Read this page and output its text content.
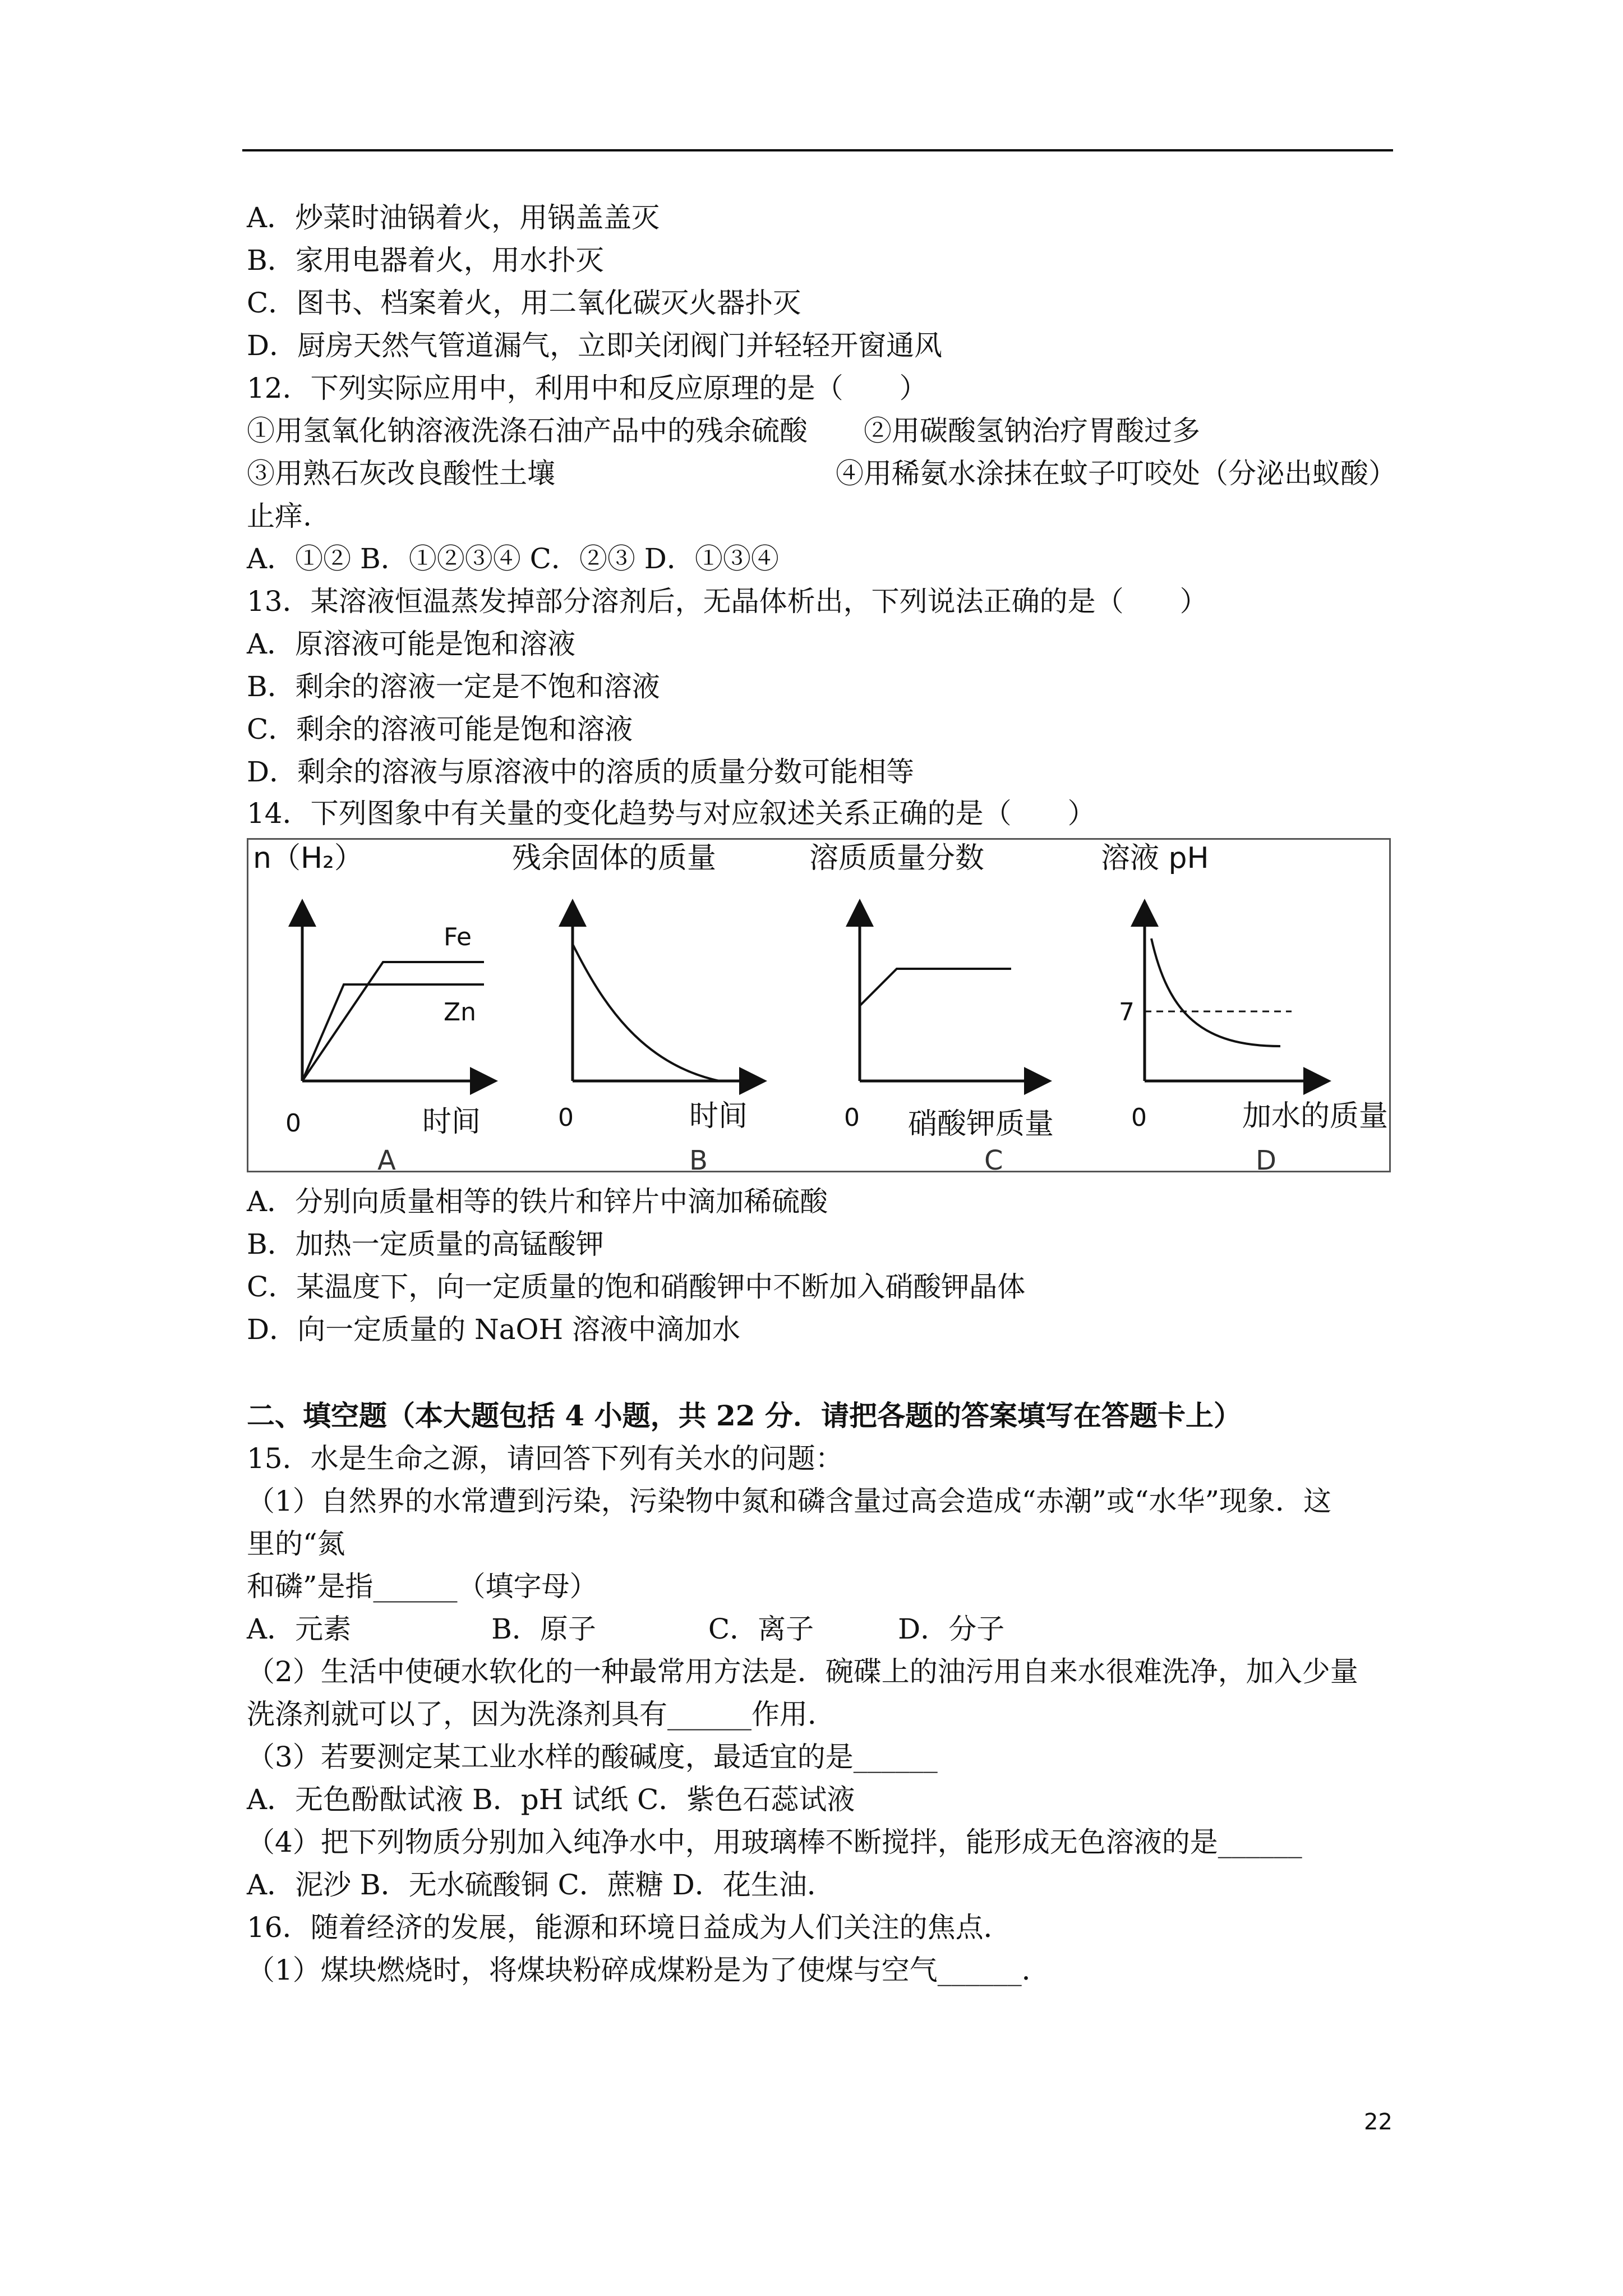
A．炒菜时油锅着火，用锅盖盖灭
B．家用电器着火，用水扑灭
C．图书、档案着火，用二氧化碳灭火器扑灭
D．厨房天然气管道漏气，立即关闭阀门并轻轻开窗通风
12．下列实际应用中，利用中和反应原理的是（　　）
①用氢氧化钠溶液洗涤石油产品中的残余硫酸　　②用碳酸氢钠治疗胃酸过多
③用熟石灰改良酸性土壤　　　　　　　　　　④用稀氨水涂抹在蚊子叮咬处（分泌出蚁酸）
止痒.
A．①② B．①②③④ C．②③ D．①③④
13．某溶液恒温蒸发掉部分溶剂后，无晶体析出，下列说法正确的是（　　）
A．原溶液可能是饱和溶液
B．剩余的溶液一定是不饱和溶液
C．剩余的溶液可能是饱和溶液
D．剩余的溶液与原溶液中的溶质的质量分数可能相等
14．下列图象中有关量的变化趋势与对应叙述关系正确的是（　　）
n（H₂）
Fe
Zn
0	时间
A
残余固体的质量
0	时间
B
溶质质量分数
0 硝酸钾质量
C
溶液 pH
7
0	加水的质量
D
A．分别向质量相等的铁片和锌片中滴加稀硫酸
B．加热一定质量的高锰酸钾
C．某温度下，向一定质量的饱和硝酸钾中不断加入硝酸钾晶体
D．向一定质量的 NaOH 溶液中滴加水
二、填空题（本大题包括 4 小题，共 22 分．请把各题的答案填写在答题卡上）
15．水是生命之源，请回答下列有关水的问题：
（1）自然界的水常遭到污染，污染物中氮和磷含量过高会造成“赤潮”或“水华”现象．这
里的“氮
和磷”是指______（填字母）
A．元素　　　　　B．原子　　　　C．离子　　　D．分子
（2）生活中使硬水软化的一种最常用方法是．碗碟上的油污用自来水很难洗净，加入少量
洗涤剂就可以了，因为洗涤剂具有______作用．
（3）若要测定某工业水样的酸碱度，最适宜的是______
A．无色酚酞试液 B．pH 试纸 C．紫色石蕊试液
（4）把下列物质分别加入纯净水中，用玻璃棒不断搅拌，能形成无色溶液的是______
A．泥沙 B．无水硫酸铜 C．蔗糖 D．花生油．
16．随着经济的发展，能源和环境日益成为人们关注的焦点．
（1）煤块燃烧时，将煤块粉碎成煤粉是为了使煤与空气______．
22
